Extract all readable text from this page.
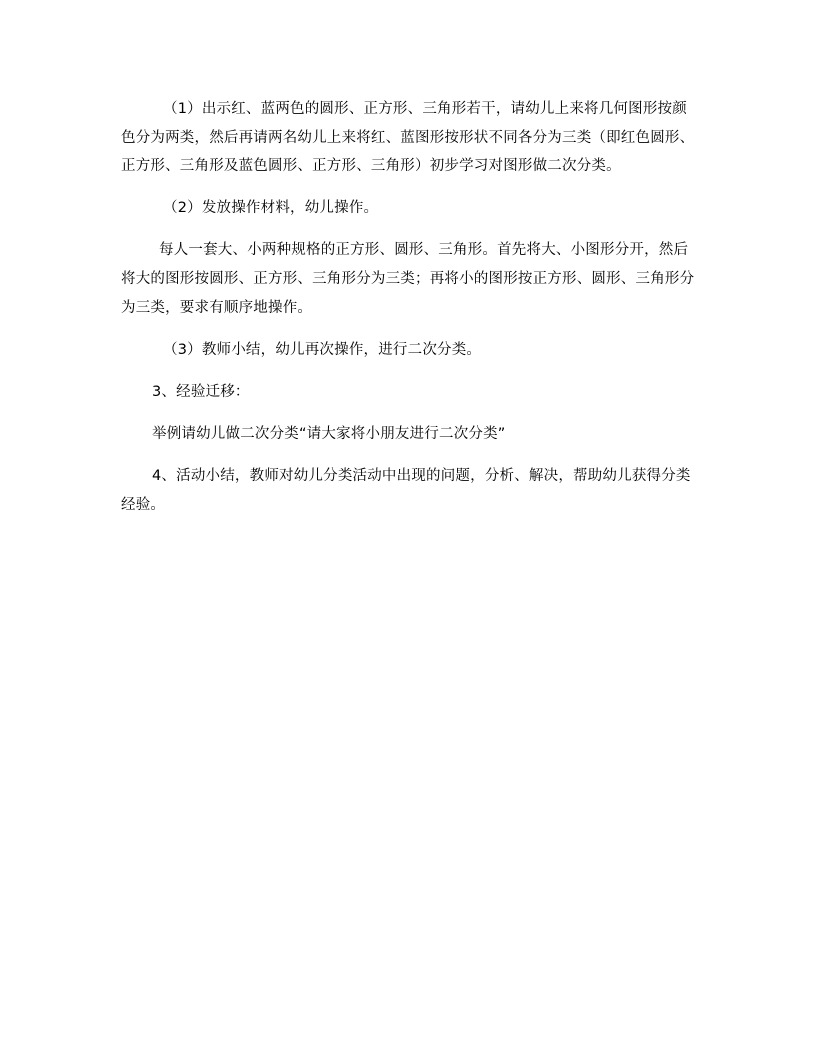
（1）出示红、蓝两色的圆形、正方形、三角形若干，请幼儿上来将几何图形按颜色分为两类，然后再请两名幼儿上来将红、蓝图形按形状不同各分为三类（即红色圆形、正方形、三角形及蓝色圆形、正方形、三角形）初步学习对图形做二次分类。

（2）发放操作材料，幼儿操作。

每人一套大、小两种规格的正方形、圆形、三角形。首先将大、小图形分开，然后将大的图形按圆形、正方形、三角形分为三类；再将小的图形按正方形、圆形、三角形分为三类，要求有顺序地操作。

（3）教师小结，幼儿再次操作，进行二次分类。

3、经验迁移：

举例请幼儿做二次分类“请大家将小朋友进行二次分类”

4、活动小结，教师对幼儿分类活动中出现的问题，分析、解决，帮助幼儿获得分类经验。
